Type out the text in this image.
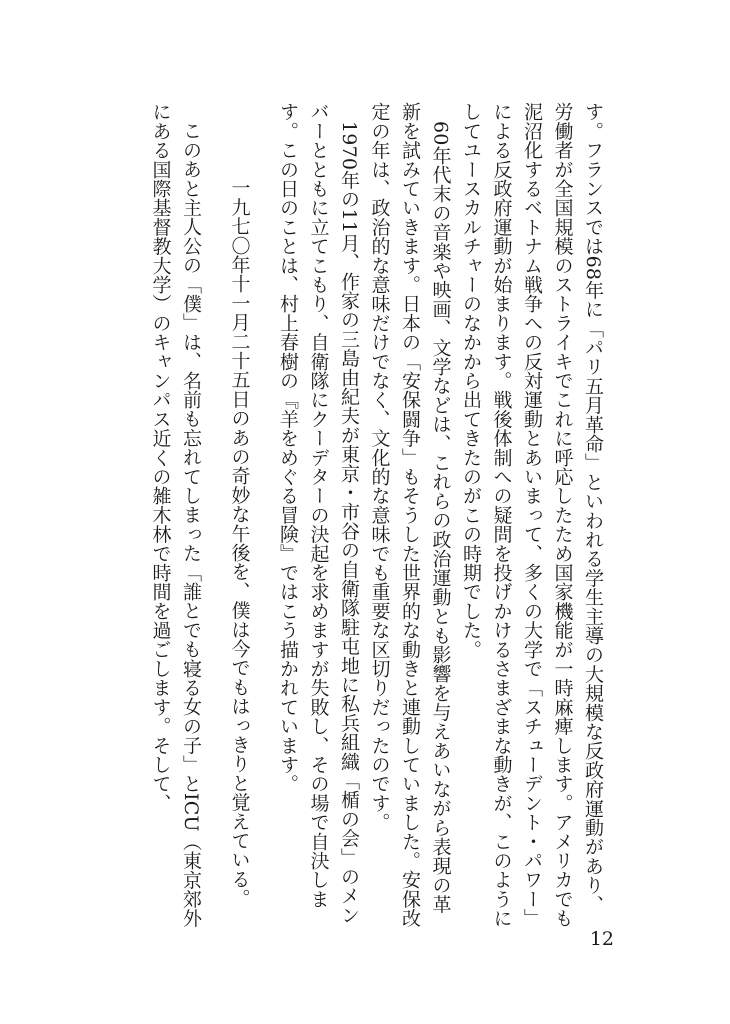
す。フランスでは68年に「パリ五月革命」といわれる学生主導の大規模な反政府運動があり、労働者が全国規模のストライキでこれに呼応したため国家機能が一時麻痺します。アメリカでも泥沼化するベトナム戦争への反対運動とあいまって、多くの大学で「スチューデント・パワー」による反政府運動が始まります。戦後体制への疑問を投げかけるさまざまな動きが、このようにしてユースカルチャーのなかから出てきたのがこの時期でした。

60年代末の音楽や映画、文学などは、これらの政治運動とも影響を与えあいながら表現の革新を試みていきます。日本の「安保闘争」もそうした世界的な動きと連動していました。安保改定の年は、政治的な意味だけでなく、文化的な意味でも重要な区切りだったのです。

1970年の11月、作家の三島由紀夫が東京・市谷の自衛隊駐屯地に私兵組織「楯の会」のメンバーとともに立てこもり、自衛隊にクーデターの決起を求めますが失敗し、その場で自決します。この日のことは、村上春樹の『羊をめぐる冒険』ではこう描かれています。

一九七〇年十一月二十五日のあの奇妙な午後を、僕は今でもはっきりと覚えている。

このあと主人公の「僕」は、名前も忘れてしまった「誰とでも寝る女の子」とICU（東京郊外にある国際基督教大学）のキャンパス近くの雑木林で時間を過ごします。そして、

12
